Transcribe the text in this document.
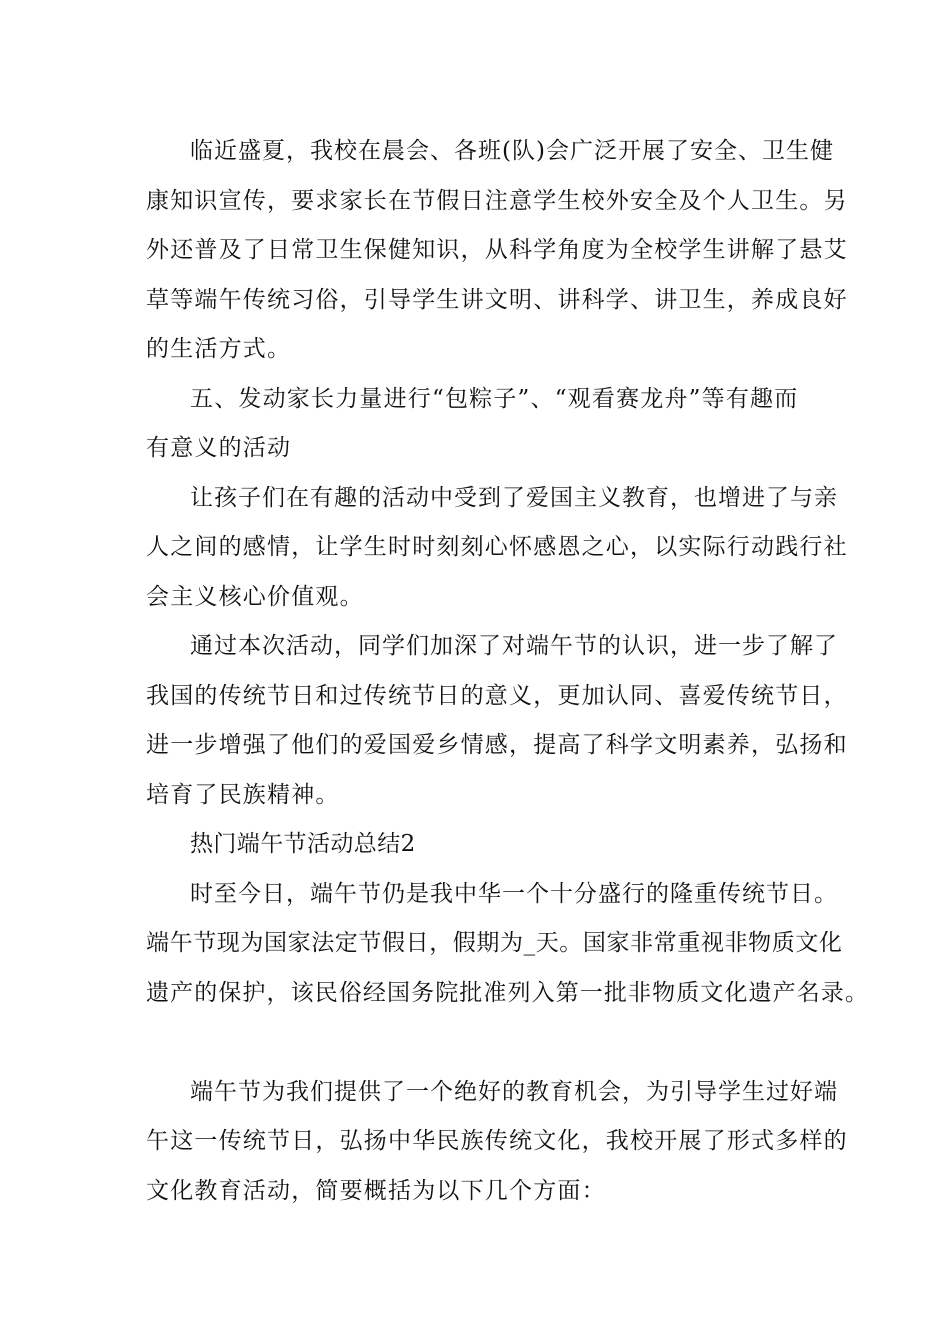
临近盛夏，我校在晨会、各班(队)会广泛开展了安全、卫生健
康知识宣传，要求家长在节假日注意学生校外安全及个人卫生。另
外还普及了日常卫生保健知识，从科学角度为全校学生讲解了悬艾
草等端午传统习俗，引导学生讲文明、讲科学、讲卫生，养成良好
的生活方式。
五、发动家长力量进行“包粽子”、“观看赛龙舟”等有趣而
有意义的活动
让孩子们在有趣的活动中受到了爱国主义教育，也增进了与亲
人之间的感情，让学生时时刻刻心怀感恩之心，以实际行动践行社
会主义核心价值观。
通过本次活动，同学们加深了对端午节的认识，进一步了解了
我国的传统节日和过传统节日的意义，更加认同、喜爱传统节日，
进一步增强了他们的爱国爱乡情感，提高了科学文明素养，弘扬和
培育了民族精神。
热门端午节活动总结2
时至今日，端午节仍是我中华一个十分盛行的隆重传统节日。
端午节现为国家法定节假日，假期为_天。国家非常重视非物质文化
遗产的保护，该民俗经国务院批准列入第一批非物质文化遗产名录。
端午节为我们提供了一个绝好的教育机会，为引导学生过好端
午这一传统节日，弘扬中华民族传统文化，我校开展了形式多样的
文化教育活动，简要概括为以下几个方面：
